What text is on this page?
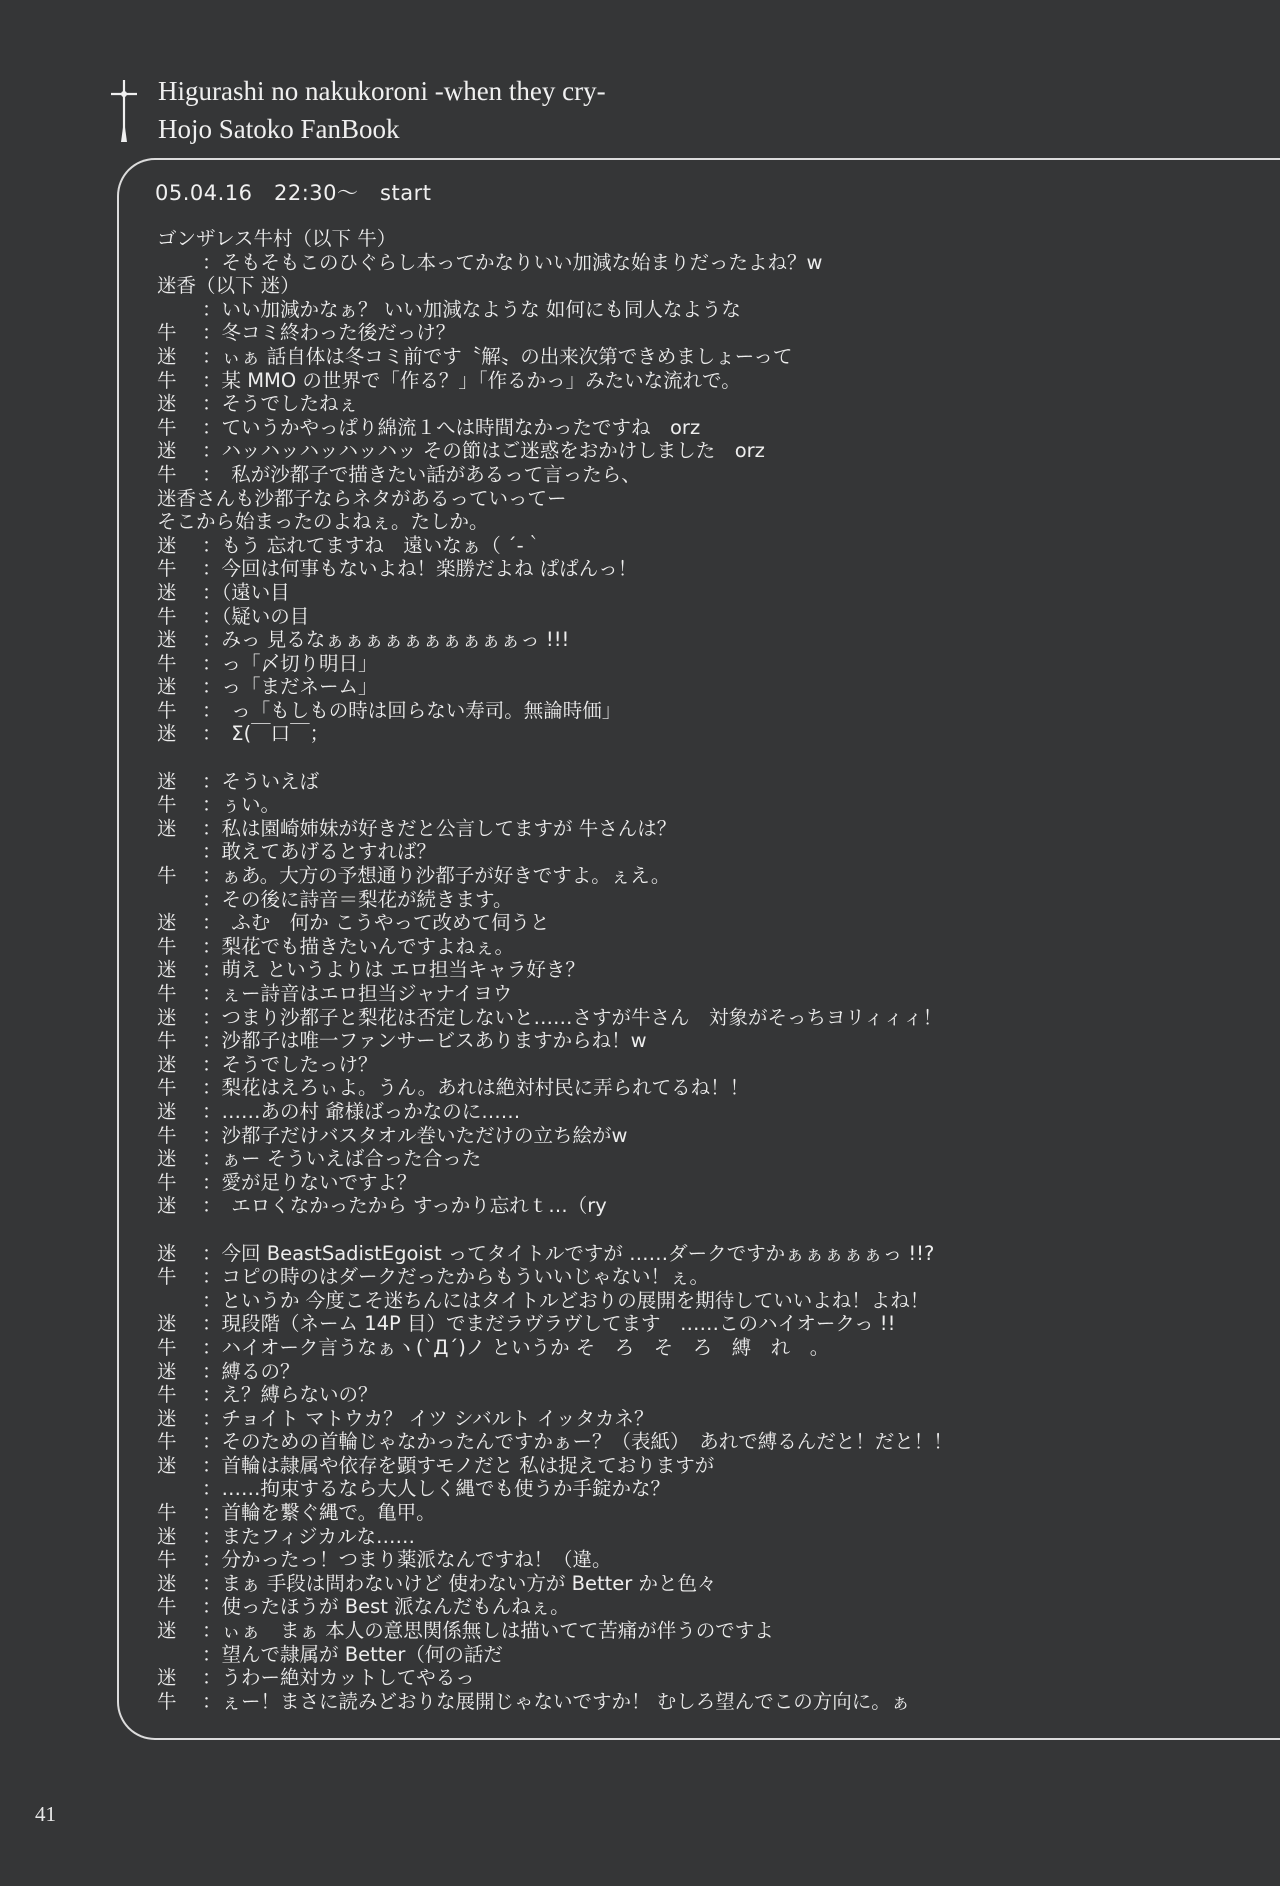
Higurashi no nakukoroni -when they cry-
Hojo Satoko FanBook
05.04.16　22:30～　start
ゴンザレス牛村（以下 牛）
：そもそもこのひぐらし本ってかなりいい加減な始まりだったよね？w
迷香（以下 迷）
：いい加減かなぁ？ いい加減なような 如何にも同人なような
牛 ：冬コミ終わった後だっけ？
迷 ：ぃぁ 話自体は冬コミ前です〝解〟の出来次第できめましょーって
牛 ：某 MMO の世界で「作る？」「作るかっ」みたいな流れで。
迷 ：そうでしたねぇ
牛 ：ていうかやっぱり綿流１へは時間なかったですね　orz
迷 ：ハッハッハッハッハッ その節はご迷惑をおかけしました　orz
牛 ：　私が沙都子で描きたい話があるって言ったら、
迷香さんも沙都子ならネタがあるっていってー
そこから始まったのよねぇ。たしか。
迷 ：もう 忘れてますね　遠いなぁ（ ´-｀
牛 ：今回は何事もないよね！楽勝だよね ぱぱんっ！
迷 ：（遠い目
牛 ：（疑いの目
迷 ：みっ 見るなぁぁぁぁぁぁぁぁぁぁっ !!!
牛 ：っ「〆切り明日」
迷 ：っ「まだネーム」
牛 ：　っ「もしもの時は回らない寿司。無論時価」
迷 ：　Σ(￣口￣；
迷 ：そういえば
牛 ：ぅい。
迷 ：私は園崎姉妹が好きだと公言してますが 牛さんは？
：敢えてあげるとすれば？
牛 ：ぁあ。大方の予想通り沙都子が好きですよ。ぇえ。
：その後に詩音＝梨花が続きます。
迷 ：　ふむ　何か こうやって改めて伺うと
牛 ：梨花でも描きたいんですよねぇ。
迷 ：萌え というよりは エロ担当キャラ好き？
牛 ：ぇー詩音はエロ担当ジャナイヨウ
迷 ：つまり沙都子と梨花は否定しないと……さすが牛さん　対象がそっちヨリィィィ！
牛 ：沙都子は唯一ファンサービスありますからね！w
迷 ：そうでしたっけ？
牛 ：梨花はえろぃよ。うん。あれは絶対村民に弄られてるね！！
迷 ：……あの村 爺様ばっかなのに……
牛 ：沙都子だけバスタオル巻いただけの立ち絵がw
迷 ：ぁー そういえば合った合った
牛 ：愛が足りないですよ？
迷 ：　エロくなかったから すっかり忘れｔ…（ry
迷 ：今回 BeastSadistEgoist ってタイトルですが ……ダークですかぁぁぁぁぁっ !!?
牛 ：コピの時のはダークだったからもういいじゃない！ぇ。
：というか 今度こそ迷ちんにはタイトルどおりの展開を期待していいよね！よね！
迷 ：現段階（ネーム 14P 目）でまだラヴラヴしてます　……このハイオークっ !!
牛 ：ハイオーク言うなぁヽ(`Д´)ノ というか そ　ろ　そ　ろ　縛　れ　。
迷 ：縛るの？
牛 ：え？縛らないの？
迷 ：チョイト マトウカ？ イツ シバルト イッタカネ？
牛 ：そのための首輪じゃなかったんですかぁー？（表紙）　あれで縛るんだと！だと！！
迷 ：首輪は隷属や依存を顕すモノだと 私は捉えておりますが
：……拘束するなら大人しく縄でも使うか手錠かな？
牛 ：首輪を繋ぐ縄で。亀甲。
迷 ：またフィジカルな……
牛 ：分かったっ！つまり薬派なんですね！（違。
迷 ：まぁ 手段は問わないけど 使わない方が Better かと色々
牛 ：使ったほうが Best 派なんだもんねぇ。
迷 ：ぃぁ　まぁ 本人の意思関係無しは描いてて苦痛が伴うのですよ
：望んで隷属が Better（何の話だ
迷 ：うわー絶対カットしてやるっ
牛 ：ぇー！まさに読みどおりな展開じゃないですか！ むしろ望んでこの方向に。ぁ
41
